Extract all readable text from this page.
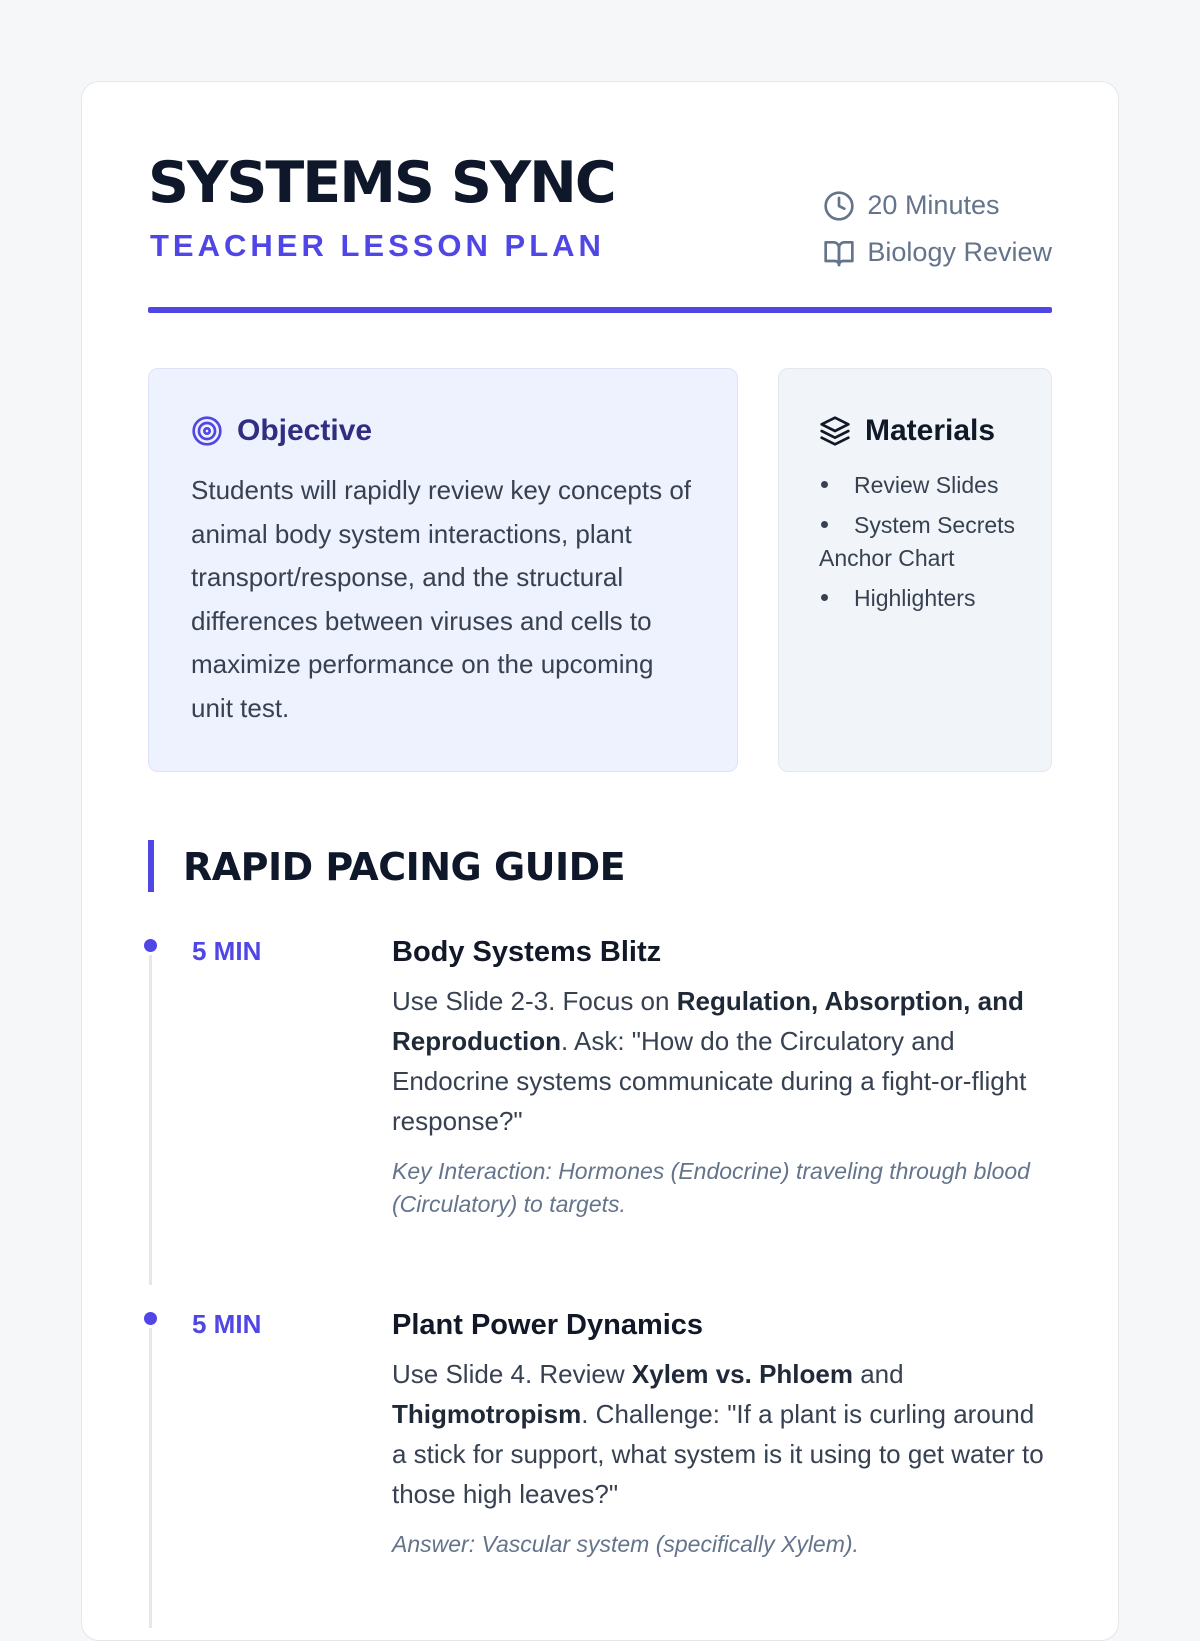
SYSTEMS SYNC
TEACHER LESSON PLAN
20 Minutes
Biology Review
Objective

Students will rapidly review key concepts of animal body system interactions, plant transport/response, and the structural differences between viruses and cells to maximize performance on the upcoming unit test.

Materials
Review Slides
System Secrets Anchor Chart
Highlighters
RAPID PACING GUIDE
5 MIN	Body Systems Blitz
Use Slide 2-3. Focus on Regulation, Absorption, and Reproduction. Ask: "How do the Circulatory and Endocrine systems communicate during a fight-or-flight response?"
Key Interaction: Hormones (Endocrine) traveling through blood (Circulatory) to targets.
5 MIN	Plant Power Dynamics
Use Slide 4. Review Xylem vs. Phloem and Thigmotropism. Challenge: "If a plant is curling around a stick for support, what system is it using to get water to those high leaves?"
Answer: Vascular system (specifically Xylem).
